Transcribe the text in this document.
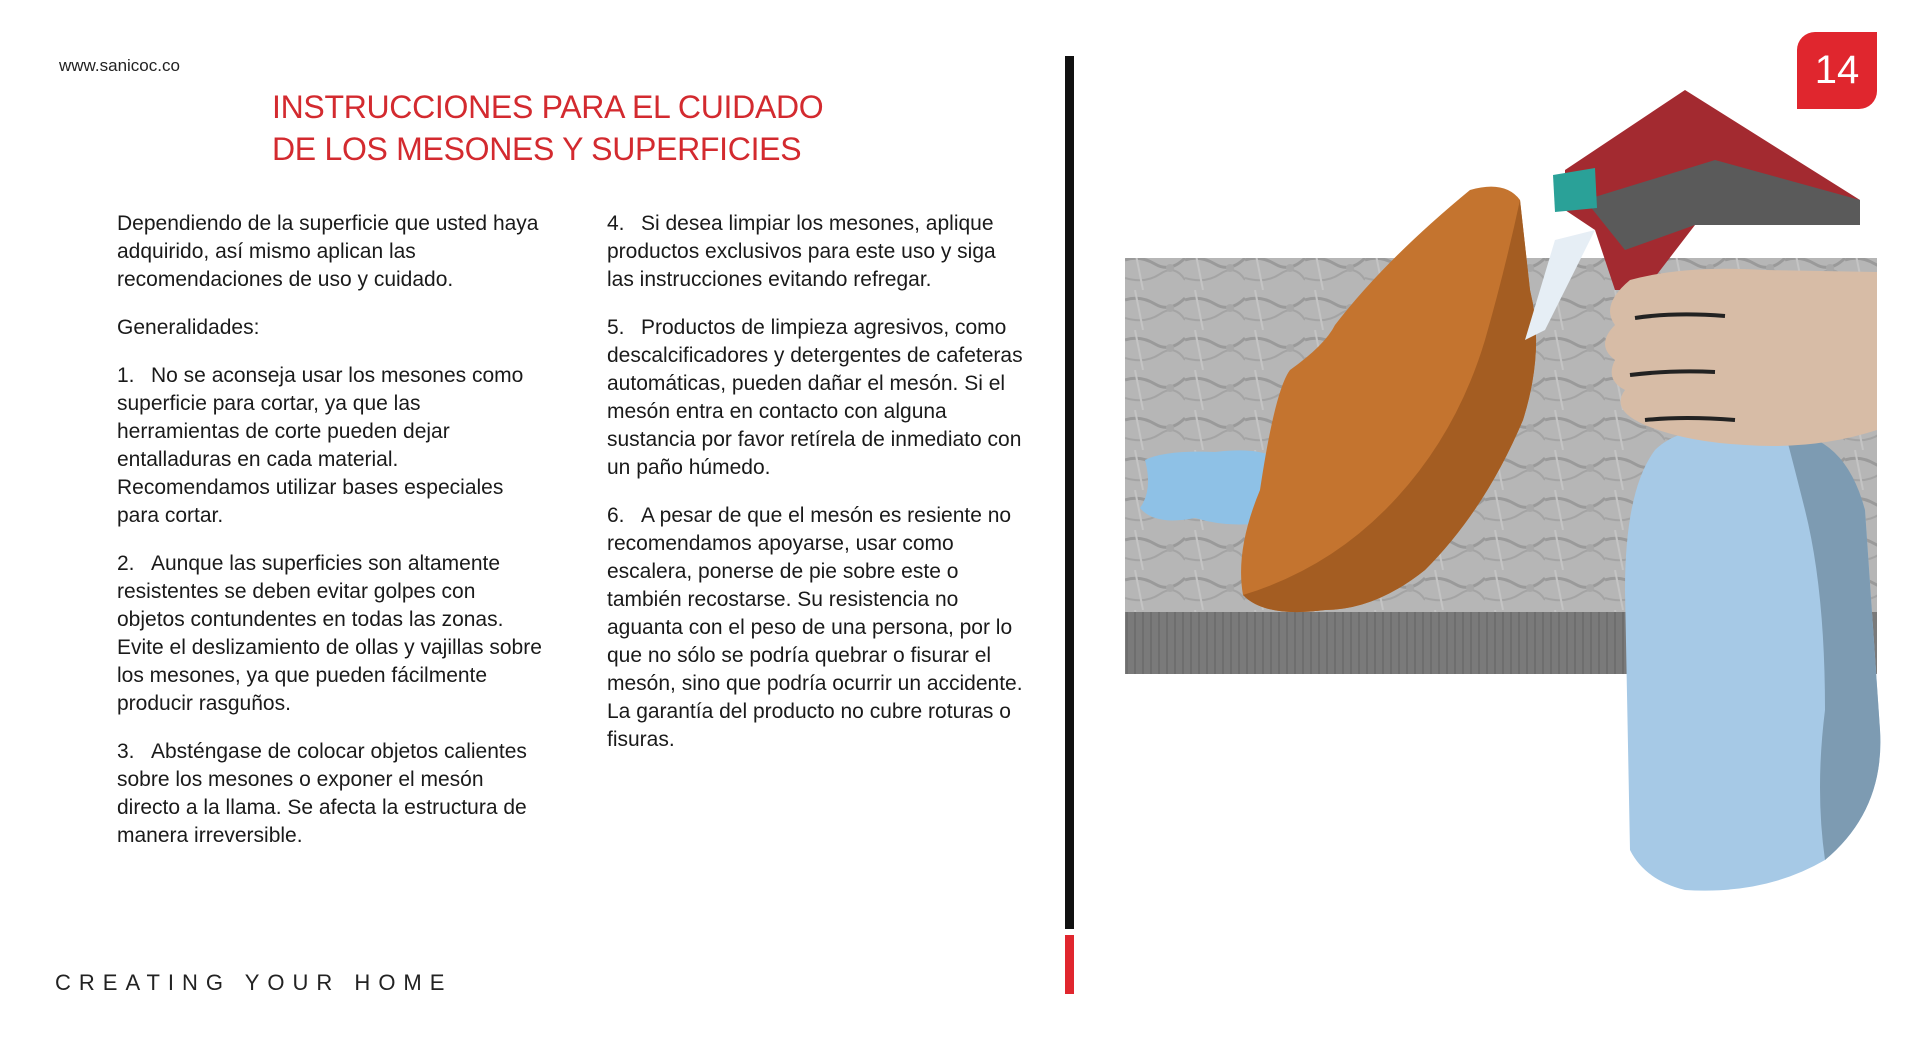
www.sanicoc.co
INSTRUCCIONES PARA EL CUIDADO
DE LOS MESONES Y SUPERFICIES

Dependiendo de la superficie que usted haya adquirido, así mismo aplican las recomendaciones de uso y cuidado.

Generalidades:

1. No se aconseja usar los mesones como superficie para cortar, ya que las herramientas de corte pueden dejar entalladuras en cada material. Recomendamos utilizar bases especiales para cortar.

2. Aunque las superficies son altamente resistentes se deben evitar golpes con objetos contundentes en todas las zonas. Evite el deslizamiento de ollas y vajillas sobre los mesones, ya que pueden fácilmente producir rasguños.

3. Absténgase de colocar objetos calientes sobre los mesones o exponer el mesón directo a la llama. Se afecta la estructura de manera irreversible.

4. Si desea limpiar los mesones, aplique productos exclusivos para este uso y siga las instrucciones evitando refregar.

5. Productos de limpieza agresivos, como descalcificadores y detergentes de cafeteras automáticas, pueden dañar el mesón. Si el mesón entra en contacto con alguna sustancia por favor retírela de inmediato con un paño húmedo.

6. A pesar de que el mesón es resiente no recomendamos apoyarse, usar como escalera, ponerse de pie sobre este o también recostarse. Su resistencia no aguanta con el peso de una persona, por lo que no sólo se podría quebrar o fisurar el mesón, sino que podría ocurrir un accidente. La garantía del producto no cubre roturas o fisuras.

CREATING YOUR HOME
14
